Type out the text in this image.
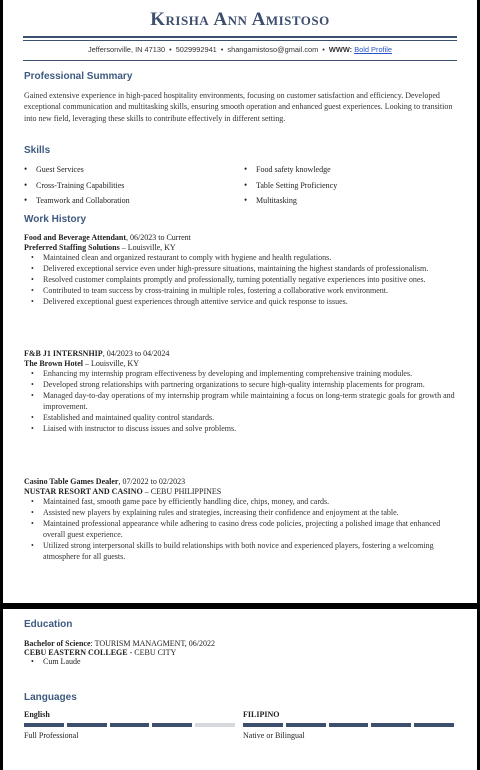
Krisha Ann Amistoso
Jeffersonville, IN 47130 • 5029992941 • shangamistoso@gmail.com • WWW: Bold Profile
Professional Summary
Gained extensive experience in high-paced hospitality environments, focusing on customer satisfaction and efficiency. Developed exceptional communication and multitasking skills, ensuring smooth operation and enhanced guest experiences. Looking to transition into new field, leveraging these skills to contribute effectively in different setting.
Skills
• Guest Services
• Cross-Training Capabilities
• Teamwork and Collaboration
• Food safety knowledge
• Table Setting Proficiency
• Multitasking
Work History
Food and Beverage Attendant, 06/2023 to Current
Preferred Staffing Solutions – Louisville, KY
• Maintained clean and organized restaurant to comply with hygiene and health regulations.
• Delivered exceptional service even under high-pressure situations, maintaining the highest standards of professionalism.
• Resolved customer complaints promptly and professionally, turning potentially negative experiences into positive ones.
• Contributed to team success by cross-training in multiple roles, fostering a collaborative work environment.
• Delivered exceptional guest experiences through attentive service and quick response to issues.
F&B J1 INTERSNHIP, 04/2023 to 04/2024
The Brown Hotel – Louisville, KY
• Enhancing my internship program effectiveness by developing and implementing comprehensive training modules.
• Developed strong relationships with partnering organizations to secure high-quality internship placements for program.
• Managed day-to-day operations of my internship program while maintaining a focus on long-term strategic goals for growth and improvement.
• Established and maintained quality control standards.
• Liaised with instructor to discuss issues and solve problems.
Casino Table Games Dealer, 07/2022 to 02/2023
NUSTAR RESORT AND CASINO – CEBU PHILIPPINES
• Maintained fast, smooth game pace by efficiently handling dice, chips, money, and cards.
• Assisted new players by explaining rules and strategies, increasing their confidence and enjoyment at the table.
• Maintained professional appearance while adhering to casino dress code policies, projecting a polished image that enhanced overall guest experience.
• Utilized strong interpersonal skills to build relationships with both novice and experienced players, fostering a welcoming atmosphere for all guests.
Education
Bachelor of Science: TOURISM MANAGMENT, 06/2022
CEBU EASTERN COLLEGE - CEBU CITY
• Cum Laude
Languages
English
Full Professional
FILIPINO
Native or Bilingual
